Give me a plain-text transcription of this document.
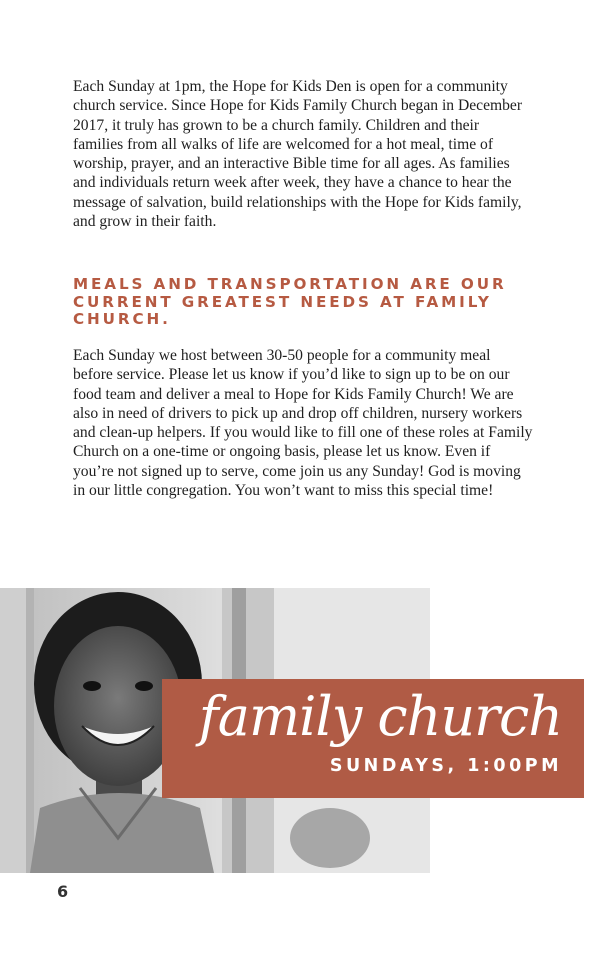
Each Sunday at 1pm, the Hope for Kids Den is open for a community church service. Since Hope for Kids Family Church began in December 2017, it truly has grown to be a church family. Children and their families from all walks of life are welcomed for a hot meal, time of worship, prayer, and an interactive Bible time for all ages. As families and individuals return week after week, they have a chance to hear the message of salvation, build relationships with the Hope for Kids family, and grow in their faith.

MEALS AND TRANSPORTATION ARE OUR CURRENT GREATEST NEEDS AT FAMILY CHURCH.

Each Sunday we host between 30-50 people for a community meal before service. Please let us know if you’d like to sign up to be on our food team and deliver a meal to Hope for Kids Family Church! We are also in need of drivers to pick up and drop off children, nursery workers and clean-up helpers. If you would like to fill one of these roles at Family Church on a one-time or ongoing basis, please let us know. Even if you’re not signed up to serve, come join us any Sunday! God is moving in our little congregation. You won’t want to miss this special time!

family church
SUNDAYS, 1:00PM
6
